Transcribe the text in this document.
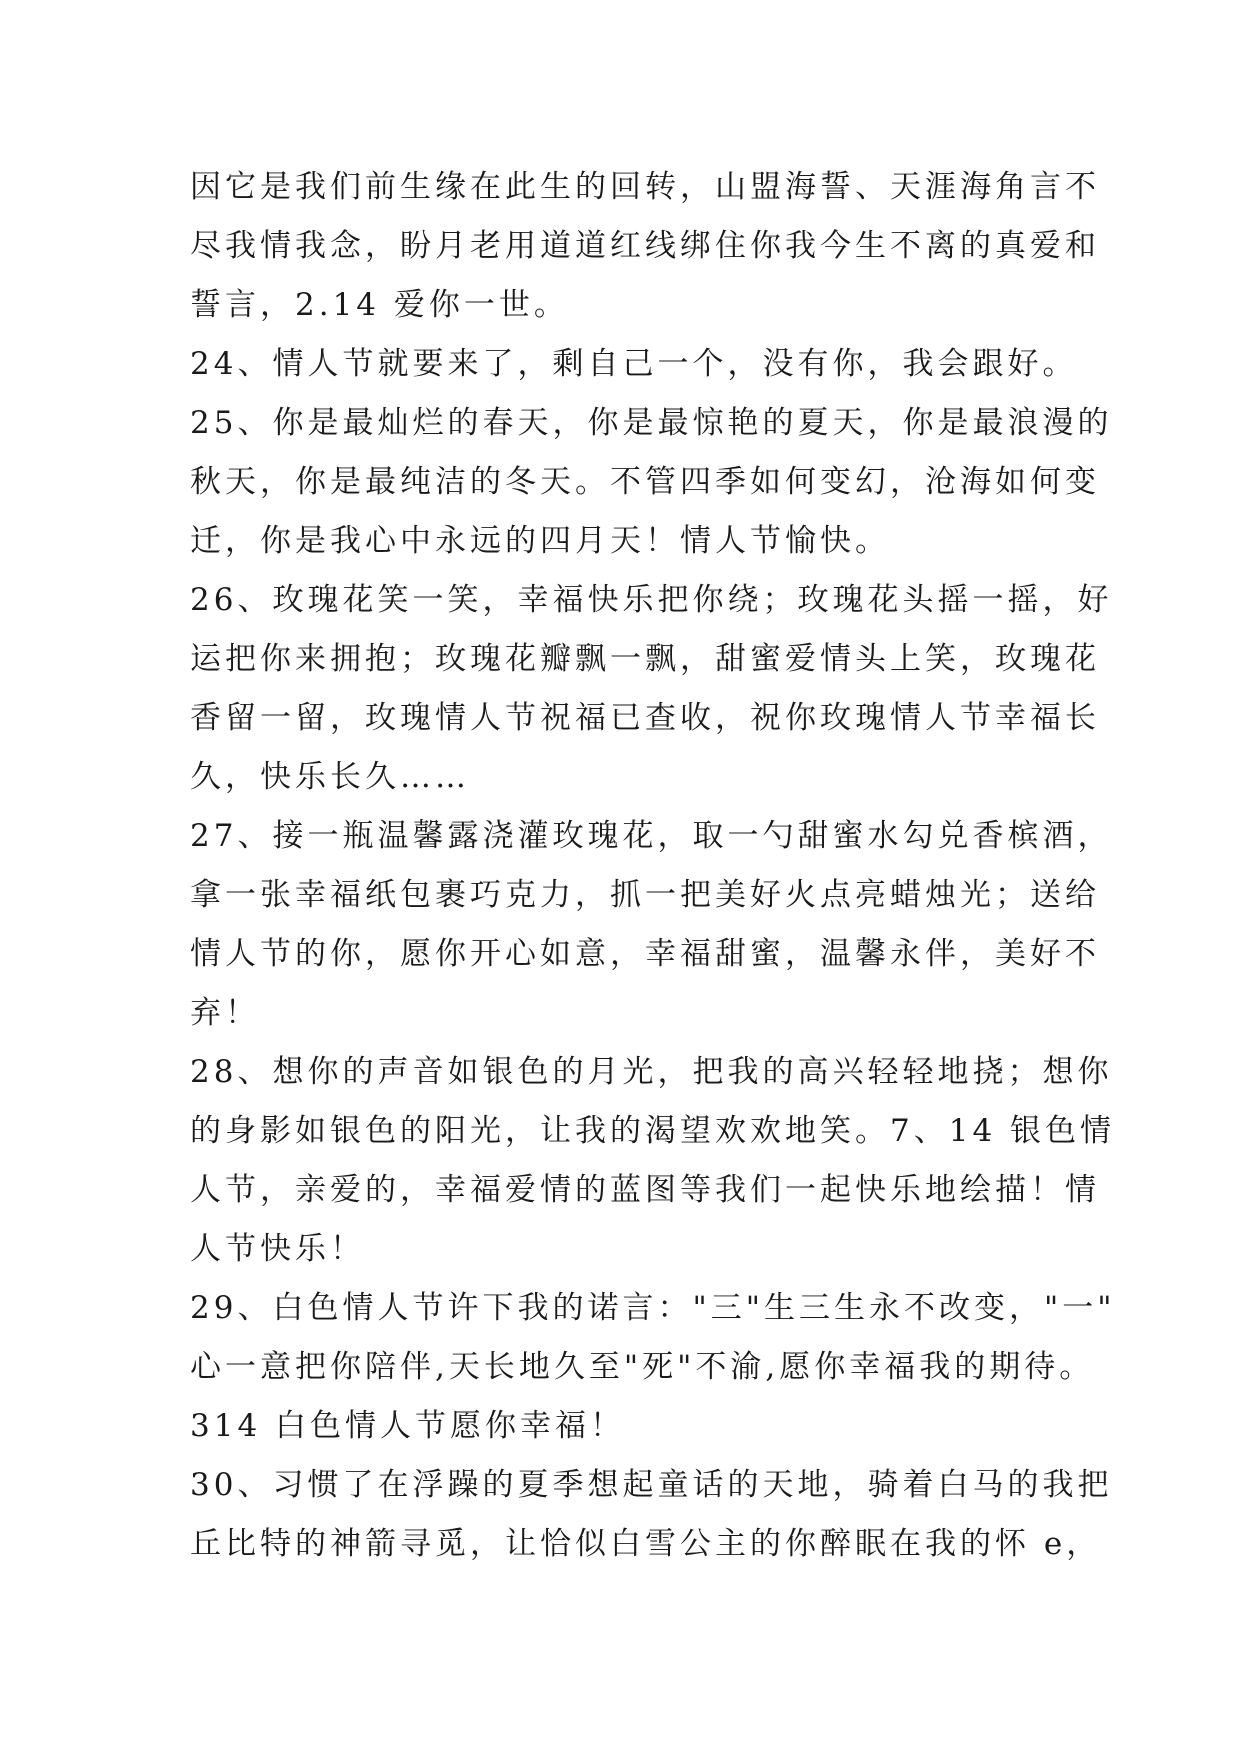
因它是我们前生缘在此生的回转，山盟海誓、天涯海角言不
尽我情我念，盼月老用道道红线绑住你我今生不离的真爱和
誓言，2.14 爱你一世。
24、情人节就要来了，剩自己一个，没有你，我会跟好。
25、你是最灿烂的春天，你是最惊艳的夏天，你是最浪漫的
秋天，你是最纯洁的冬天。不管四季如何变幻，沧海如何变
迁，你是我心中永远的四月天！情人节愉快。
26、玫瑰花笑一笑，幸福快乐把你绕；玫瑰花头摇一摇，好
运把你来拥抱；玫瑰花瓣飘一飘，甜蜜爱情头上笑，玫瑰花
香留一留，玫瑰情人节祝福已查收，祝你玫瑰情人节幸福长
久，快乐长久……
27、接一瓶温馨露浇灌玫瑰花，取一勺甜蜜水勾兑香槟酒，
拿一张幸福纸包裹巧克力，抓一把美好火点亮蜡烛光；送给
情人节的你，愿你开心如意，幸福甜蜜，温馨永伴，美好不
弃！
28、想你的声音如银色的月光，把我的高兴轻轻地挠；想你
的身影如银色的阳光，让我的渴望欢欢地笑。7、14 银色情
人节，亲爱的，幸福爱情的蓝图等我们一起快乐地绘描！情
人节快乐！
29、白色情人节许下我的诺言："三"生三生永不改变，"一"
心一意把你陪伴,天长地久至"死"不渝,愿你幸福我的期待。
314 白色情人节愿你幸福！
30、习惯了在浮躁的夏季想起童话的天地，骑着白马的我把
丘比特的神箭寻觅，让恰似白雪公主的你醉眠在我的怀 e，
